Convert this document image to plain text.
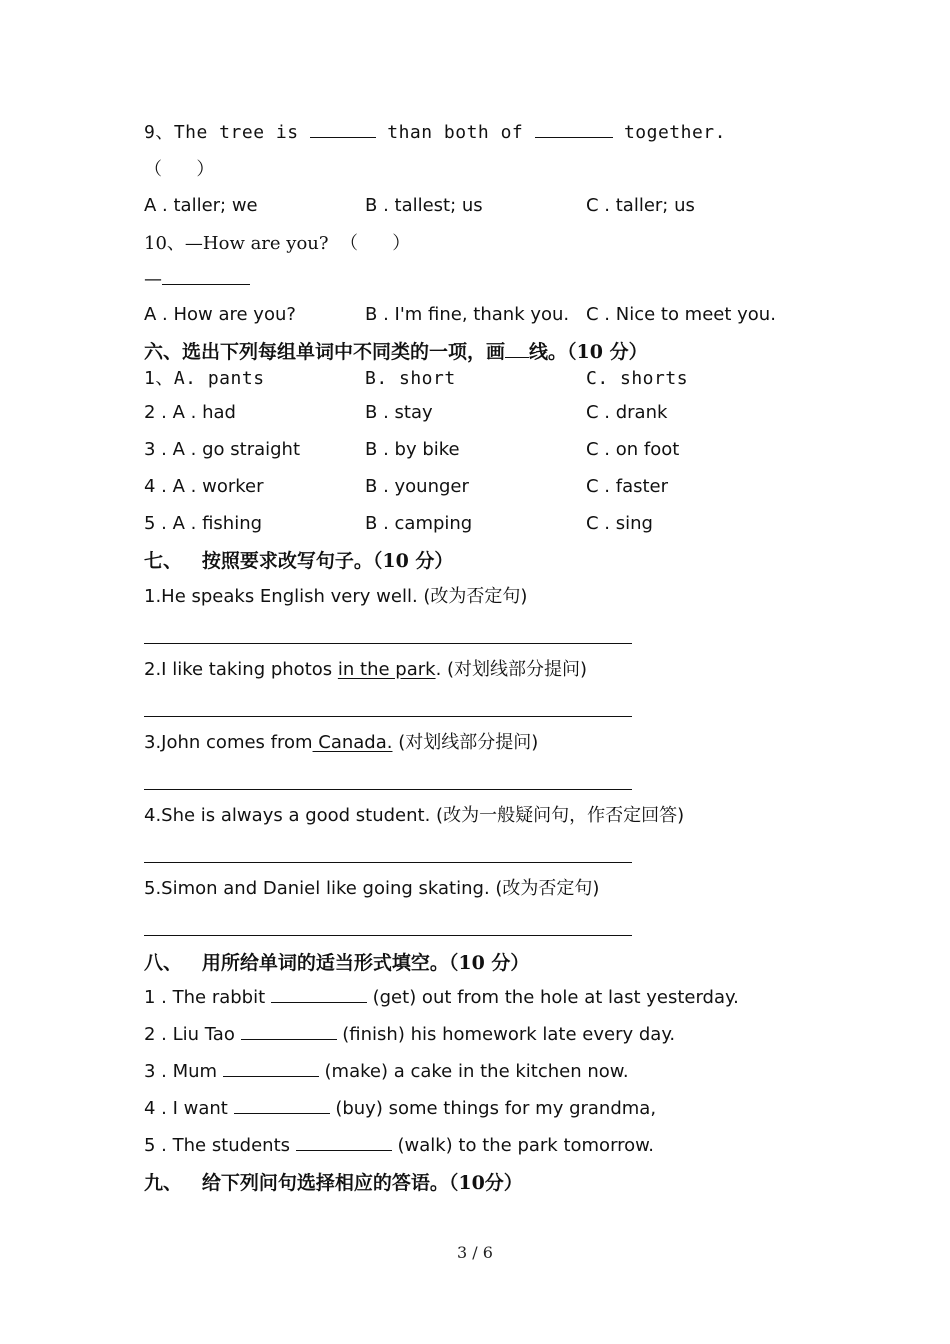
9、The tree is	than both of	together.
（      ）
A . taller; we	B . tallest; us	C . taller; us
10、—How are you?  （      ）
—
A . How are you?	B . I'm fine, thank you. C . Nice to meet you.
六、选出下列每组单词中不同类的一项，画 线。（10 分）
1、A. pants	B. short	C. shorts
2 . A . had	B . stay	C . drank
3 . A . go straight	B . by bike	C . on foot
4 . A . worker	B . younger	C . faster
5 . A . fishing	B . camping	C . sing
七、   按照要求改写句子。（10 分）
1.He speaks English very well. (改为否定句)
2.I like taking photos in the park. (对划线部分提问)
3.John comes from Canada. (对划线部分提问)
4.She is always a good student. (改为一般疑问句，作否定回答)
5.Simon and Daniel like going skating. (改为否定句)
八、   用所给单词的适当形式填空。（10 分）
1 . The rabbit	(get) out from the hole at last yesterday.
2 . Liu Tao	(finish) his homework late every day.
3 . Mum	(make) a cake in the kitchen now.
4 . I want	(buy) some things for my grandma,
5 . The students	(walk) to the park tomorrow.
九、   给下列问句选择相应的答语。（10分）
3 / 6
